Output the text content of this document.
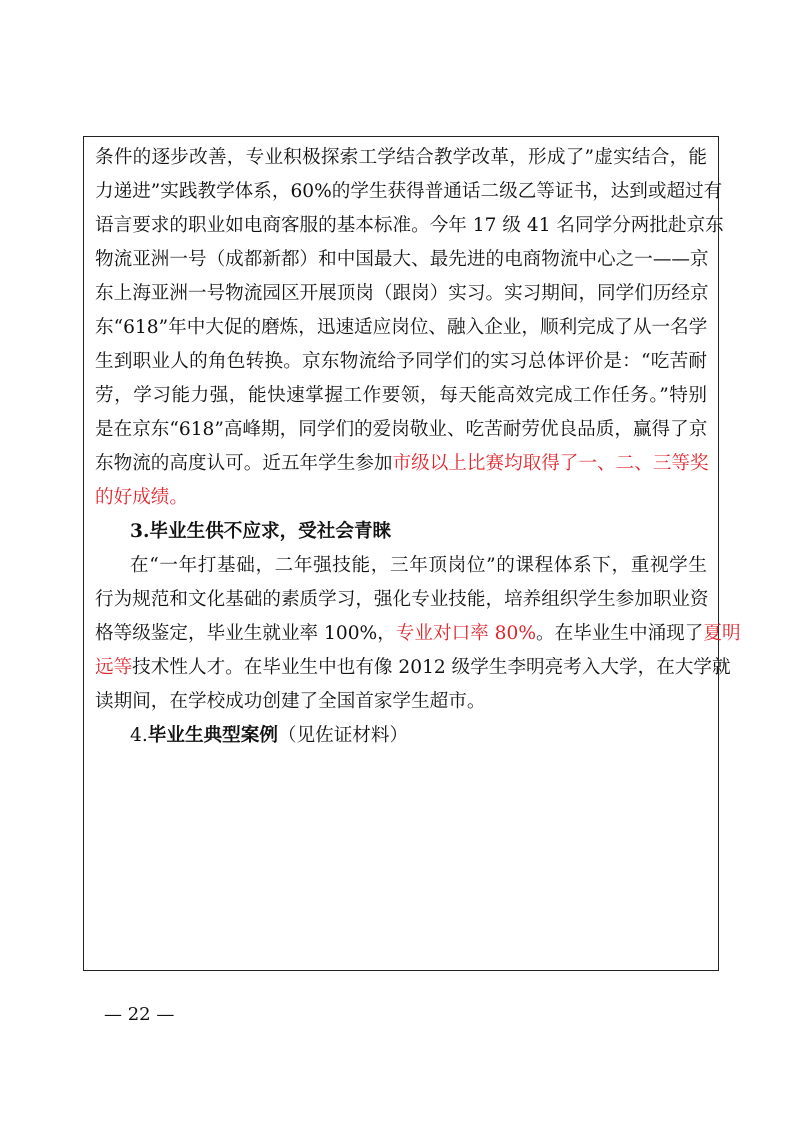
条件的逐步改善，专业积极探索工学结合教学改革，形成了”虚实结合，能
力递进”实践教学体系，60%的学生获得普通话二级乙等证书，达到或超过有
语言要求的职业如电商客服的基本标准。今年 17 级 41 名同学分两批赴京东
物流亚洲一号（成都新都）和中国最大、最先进的电商物流中心之一——京
东上海亚洲一号物流园区开展顶岗（跟岗）实习。实习期间，同学们历经京
东“618”年中大促的磨炼，迅速适应岗位、融入企业，顺利完成了从一名学
生到职业人的角色转换。京东物流给予同学们的实习总体评价是：“吃苦耐
劳，学习能力强，能快速掌握工作要领，每天能高效完成工作任务。”特别
是在京东“618”高峰期，同学们的爱岗敬业、吃苦耐劳优良品质，赢得了京
东物流的高度认可。近五年学生参加市级以上比赛均取得了一、二、三等奖
的好成绩。
3.毕业生供不应求，受社会青睐
在“一年打基础，二年强技能，三年顶岗位”的课程体系下，重视学生
行为规范和文化基础的素质学习，强化专业技能，培养组织学生参加职业资
格等级鉴定，毕业生就业率 100%，专业对口率 80%。在毕业生中涌现了夏明
远等技术性人才。在毕业生中也有像 2012 级学生李明亮考入大学，在大学就
读期间，在学校成功创建了全国首家学生超市。
4.毕业生典型案例（见佐证材料）
— 22 —
